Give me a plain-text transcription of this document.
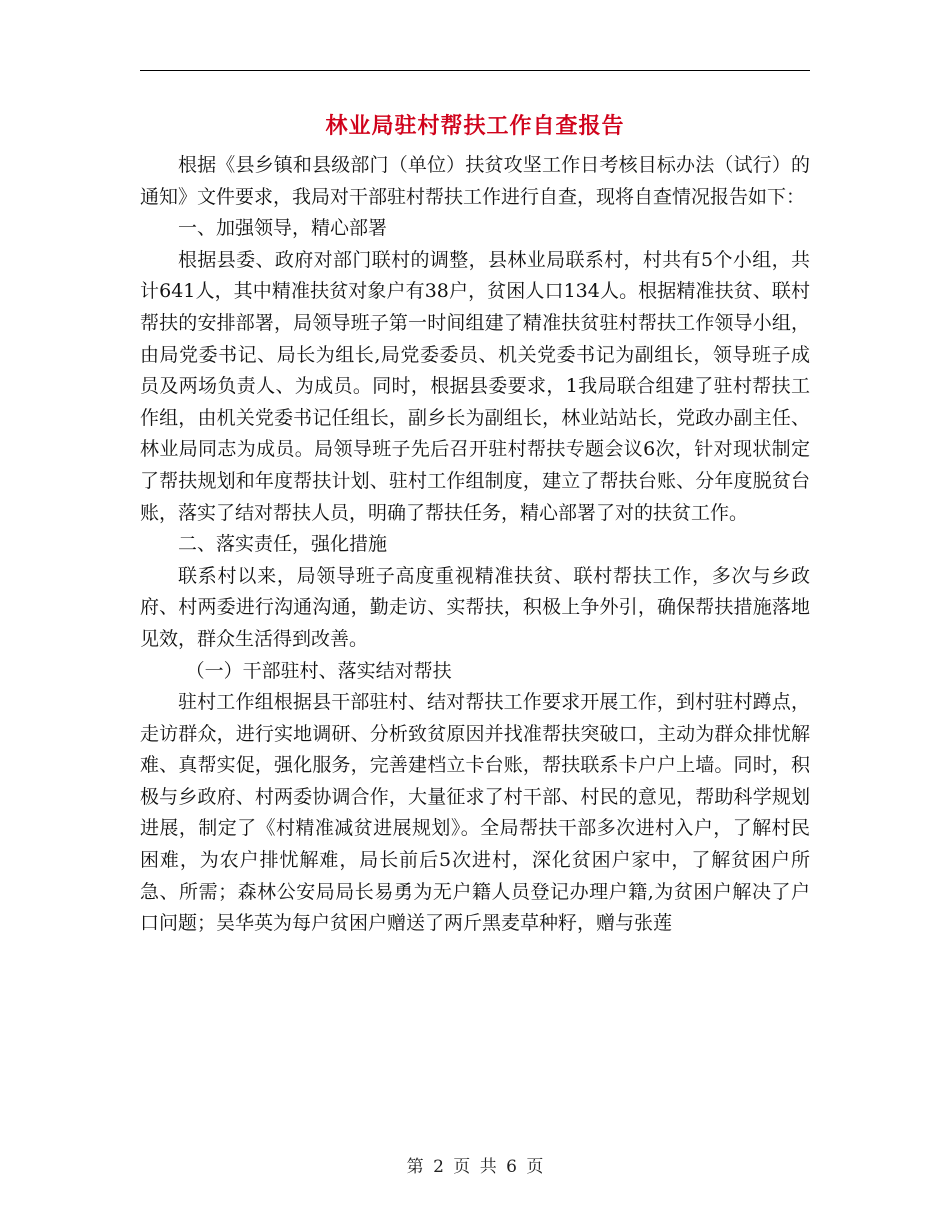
林业局驻村帮扶工作自查报告

根据《县乡镇和县级部门（单位）扶贫攻坚工作日考核目标办法（试行）的通知》文件要求，我局对干部驻村帮扶工作进行自查，现将自查情况报告如下：

一、加强领导，精心部署

根据县委、政府对部门联村的调整，县林业局联系村，村共有5个小组，共计641人，其中精准扶贫对象户有38户，贫困人口134人。根据精准扶贫、联村帮扶的安排部署，局领导班子第一时间组建了精准扶贫驻村帮扶工作领导小组，由局党委书记、局长为组长,局党委委员、机关党委书记为副组长，领导班子成员及两场负责人、为成员。同时，根据县委要求，1我局联合组建了驻村帮扶工作组，由机关党委书记任组长，副乡长为副组长，林业站站长，党政办副主任、林业局同志为成员。局领导班子先后召开驻村帮扶专题会议6次，针对现状制定了帮扶规划和年度帮扶计划、驻村工作组制度，建立了帮扶台账、分年度脱贫台账，落实了结对帮扶人员，明确了帮扶任务，精心部署了对的扶贫工作。

二、落实责任，强化措施

联系村以来，局领导班子高度重视精准扶贫、联村帮扶工作，多次与乡政府、村两委进行沟通沟通，勤走访、实帮扶，积极上争外引，确保帮扶措施落地见效，群众生活得到改善。

（一）干部驻村、落实结对帮扶

驻村工作组根据县干部驻村、结对帮扶工作要求开展工作，到村驻村蹲点，走访群众，进行实地调研、分析致贫原因并找准帮扶突破口，主动为群众排忧解难、真帮实促，强化服务，完善建档立卡台账，帮扶联系卡户户上墙。同时，积极与乡政府、村两委协调合作，大量征求了村干部、村民的意见，帮助科学规划进展，制定了《村精准减贫进展规划》。全局帮扶干部多次进村入户，了解村民困难，为农户排忧解难，局长前后5次进村，深化贫困户家中，了解贫困户所急、所需；森林公安局局长易勇为无户籍人员登记办理户籍,为贫困户解决了户口问题；吴华英为每户贫困户赠送了两斤黑麦草种籽，赠与张莲

第 2 页 共 6 页
